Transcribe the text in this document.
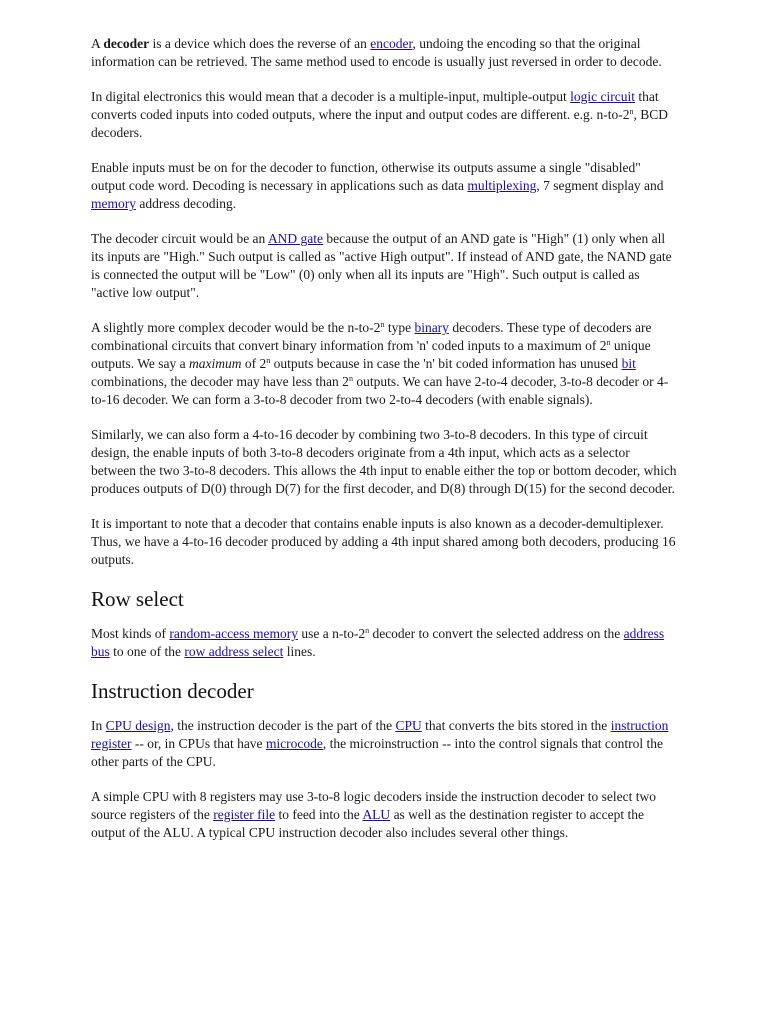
A decoder is a device which does the reverse of an encoder, undoing the encoding so that the original information can be retrieved. The same method used to encode is usually just reversed in order to decode.

In digital electronics this would mean that a decoder is a multiple-input, multiple-output logic circuit that converts coded inputs into coded outputs, where the input and output codes are different. e.g. n-to-2$^n$, BCD decoders.

Enable inputs must be on for the decoder to function, otherwise its outputs assume a single "disabled" output code word. Decoding is necessary in applications such as data multiplexing, 7 segment display and memory address decoding.

The decoder circuit would be an AND gate because the output of an AND gate is "High" (1) only when all its inputs are "High." Such output is called as "active High output". If instead of AND gate, the NAND gate is connected the output will be "Low" (0) only when all its inputs are "High". Such output is called as "active low output".

A slightly more complex decoder would be the n-to-2$^n$ type binary decoders. These type of decoders are combinational circuits that convert binary information from 'n' coded inputs to a maximum of 2$^n$ unique outputs. We say a maximum of 2$^n$ outputs because in case the 'n' bit coded information has unused bit combinations, the decoder may have less than 2$^n$ outputs. We can have 2-to-4 decoder, 3-to-8 decoder or 4-to-16 decoder. We can form a 3-to-8 decoder from two 2-to-4 decoders (with enable signals).

Similarly, we can also form a 4-to-16 decoder by combining two 3-to-8 decoders. In this type of circuit design, the enable inputs of both 3-to-8 decoders originate from a 4th input, which acts as a selector between the two 3-to-8 decoders. This allows the 4th input to enable either the top or bottom decoder, which produces outputs of D(0) through D(7) for the first decoder, and D(8) through D(15) for the second decoder.

It is important to note that a decoder that contains enable inputs is also known as a decoder-demultiplexer. Thus, we have a 4-to-16 decoder produced by adding a 4th input shared among both decoders, producing 16 outputs.

Row select

Most kinds of random-access memory use a n-to-2$^n$ decoder to convert the selected address on the address bus to one of the row address select lines.

Instruction decoder

In CPU design, the instruction decoder is the part of the CPU that converts the bits stored in the instruction register -- or, in CPUs that have microcode, the microinstruction -- into the control signals that control the other parts of the CPU.

A simple CPU with 8 registers may use 3-to-8 logic decoders inside the instruction decoder to select two source registers of the register file to feed into the ALU as well as the destination register to accept the output of the ALU. A typical CPU instruction decoder also includes several other things.
